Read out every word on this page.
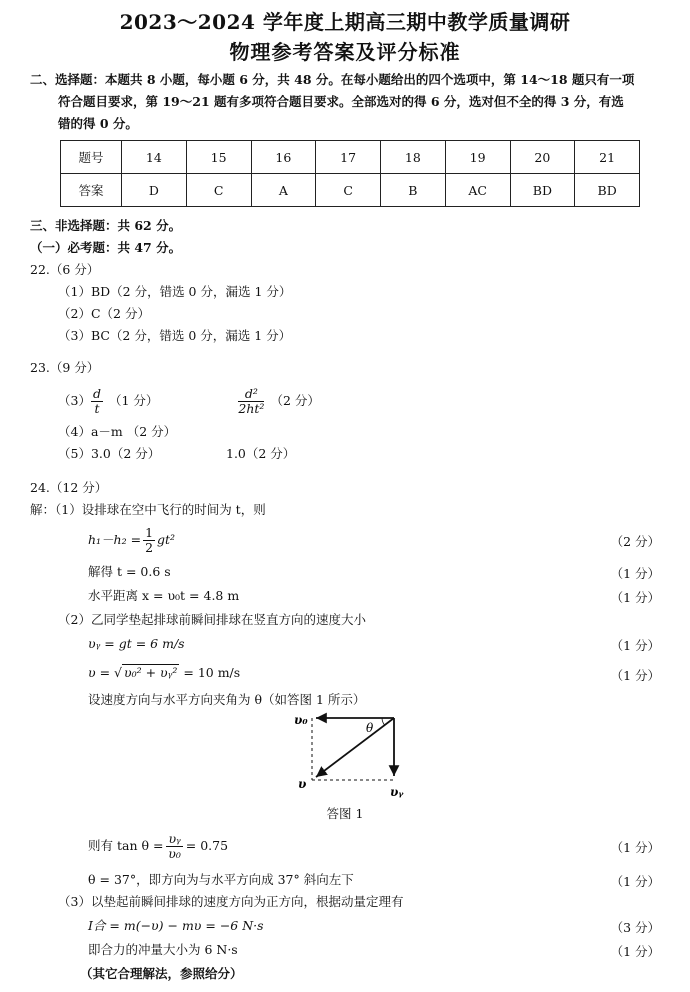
2023～2024 学年度上期高三期中教学质量调研
物理参考答案及评分标准
二、选择题：本题共 8 小题，每小题 6 分，共 48 分。在每小题给出的四个选项中，第 14～18 题只有一项
符合题目要求，第 19～21 题有多项符合题目要求。全部选对的得 6 分，选对但不全的得 3 分，有选
错的得 0 分。
题号	14	15	16	17	18	19	20	21
答案	D	C	A	C	B	AC	BD	BD
三、非选择题：共 62 分。
（一）必考题：共 47 分。
22.（6 分）
（1）BD（2 分，错选 0 分，漏选 1 分）
（2）C（2 分）
（3）BC（2 分，错选 0 分，漏选 1 分）
23.（9 分）
$(3) \frac{d}{t} (1$ 分）	$\frac{\text{d²}}{\text{2ht²}} (2$ 分）
（4）a－m （2 分）
（5）3.0（2 分）	1.0（2 分）
24.（12 分）
解：（1）设排球在空中飞行的时间为 t，则
$h_1-h_2 = \frac{1}{2} gt^2$	（2 分）
解得 t = 0.6 s	（1 分）
水平距离 x = υ₀t = 4.8 m	（1 分）
（2）乙同学垫起排球前瞬间排球在竖直方向的速度大小
υᵧ = gt = 6 m/s	（1 分）
υ = √ υ₀² + υᵧ² = 10 m/s	（1 分）
设速度方向与水平方向夹角为 θ（如答图 1 所示）
υ₀
θ
υ
υᵧ
答图 1
则有 $\tan \theta = \frac{\text{υᵧ}}{\text{υ₀}} = 0.75$	（1 分）
θ = 37°，即方向为与水平方向成 37° 斜向左下	（1 分）
（3）以垫起前瞬间排球的速度方向为正方向，根据动量定理有
I合 = m(−υ) − mυ = −6 N·s	（3 分）
即合力的冲量大小为 6 N·s	（1 分）
（其它合理解法，参照给分）
